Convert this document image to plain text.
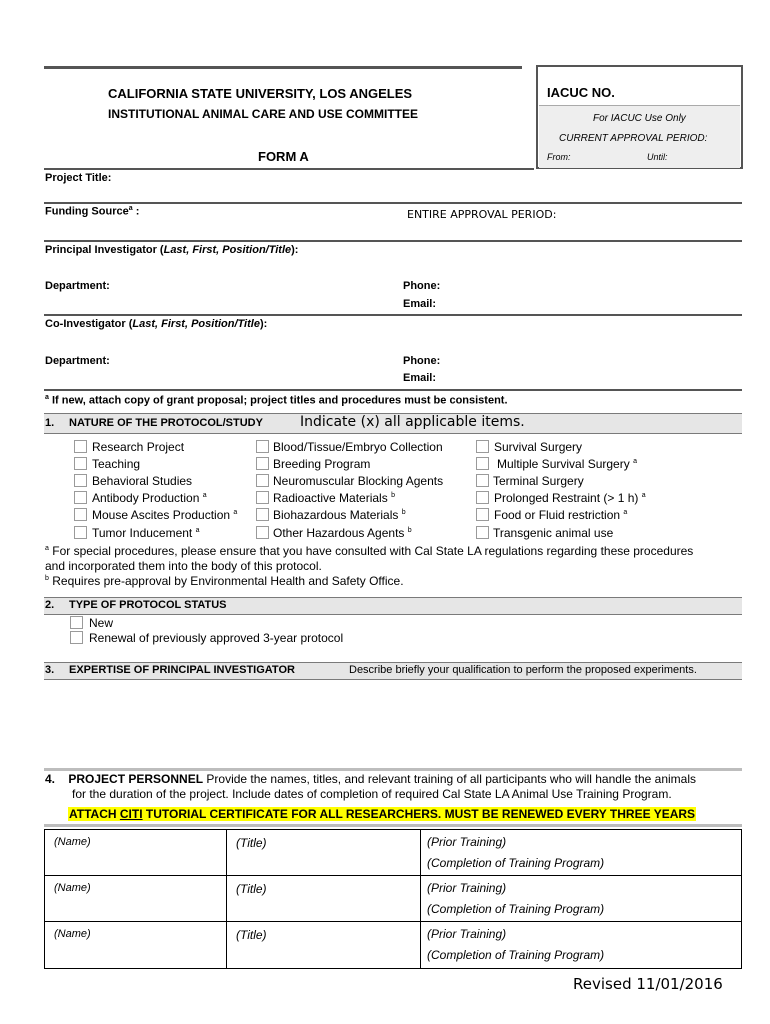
CALIFORNIA STATE UNIVERSITY, LOS ANGELES
INSTITUTIONAL ANIMAL CARE AND USE COMMITTEE
FORM A
IACUC NO.
For IACUC Use Only
CURRENT APPROVAL PERIOD:
From:	Until:
Project Title:
Funding Source$^a$ :	ENTIRE APPROVAL PERIOD:
Principal Investigator (Last, First, Position/Title):
Department:	Phone:
Email:
Co-Investigator (Last, First, Position/Title):
Department:	Phone:
Email:
$^a$ If new, attach copy of grant proposal; project titles and procedures must be consistent.
1. NATURE OF THE PROTOCOL/STUDY	Indicate (x) all applicable items.
Research Project
Teaching
Behavioral Studies
Antibody Production $^a$
Mouse Ascites Production $^a$
Tumor Inducement $^a$
Blood/Tissue/Embryo Collection
Breeding Program
Neuromuscular Blocking Agents
Radioactive Materials $^b$
Biohazardous Materials $^b$
Other Hazardous Agents $^b$
Survival Surgery
Multiple Survival Surgery $^a$
Terminal Surgery
Prolonged Restraint (> 1 h) $^a$
Food or Fluid restriction $^a$
Transgenic animal use
$^a$ For special procedures, please ensure that you have consulted with Cal State LA regulations regarding these procedures
and incorporated them into the body of this protocol.
$^b$ Requires pre-approval by Environmental Health and Safety Office.
2. TYPE OF PROTOCOL STATUS
New
Renewal of previously approved 3-year protocol
3. EXPERTISE OF PRINCIPAL INVESTIGATOR	Describe briefly your qualification to perform the proposed experiments.
4. PROJECT PERSONNEL Provide the names, titles, and relevant training of all participants who will handle the animals
for the duration of the project. Include dates of completion of required Cal State LA Animal Use Training Program.
ATTACH CITI TUTORIAL CERTIFICATE FOR ALL RESEARCHERS. MUST BE RENEWED EVERY THREE YEARS
(Name)	(Title)	(Prior Training)
(Completion of Training Program)
(Name)	(Title)	(Prior Training)
(Completion of Training Program)
(Name)	(Title)	(Prior Training)
(Completion of Training Program)
Revised 11/01/2016
